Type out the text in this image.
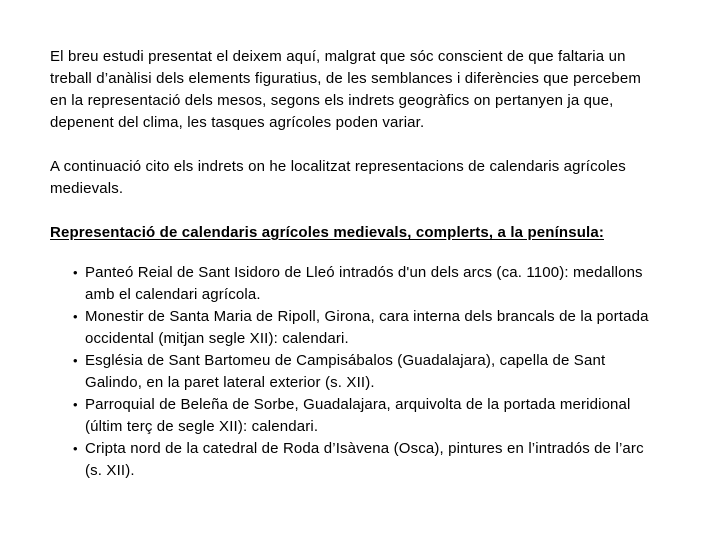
El breu estudi presentat el deixem aquí, malgrat que sóc conscient de que faltaria un
treball d’anàlisi dels elements figuratius, de les semblances i diferències que percebem
en la representació dels mesos, segons els indrets geogràfics on pertanyen ja que,
depenent del clima, les tasques agrícoles poden variar.

A continuació cito els indrets on he localitzat representacions de calendaris agrícoles
medievals.

Representació de calendaris agrícoles medievals, complerts, a la península:
• Panteó Reial de Sant Isidoro de Lleó intradós d'un dels arcs (ca. 1100): medallons
amb el calendari agrícola.
• Monestir de Santa Maria de Ripoll, Girona, cara interna dels brancals de la portada
occidental (mitjan segle XII): calendari.
• Església de Sant Bartomeu de Campisábalos (Guadalajara), capella de Sant
Galindo, en la paret lateral exterior (s. XII).
• Parroquial de Beleña de Sorbe, Guadalajara, arquivolta de la portada meridional
(últim terç de segle XII): calendari.
• Cripta nord de la catedral de Roda d’Isàvena (Osca), pintures en l’intradós de l’arc
(s. XII).
